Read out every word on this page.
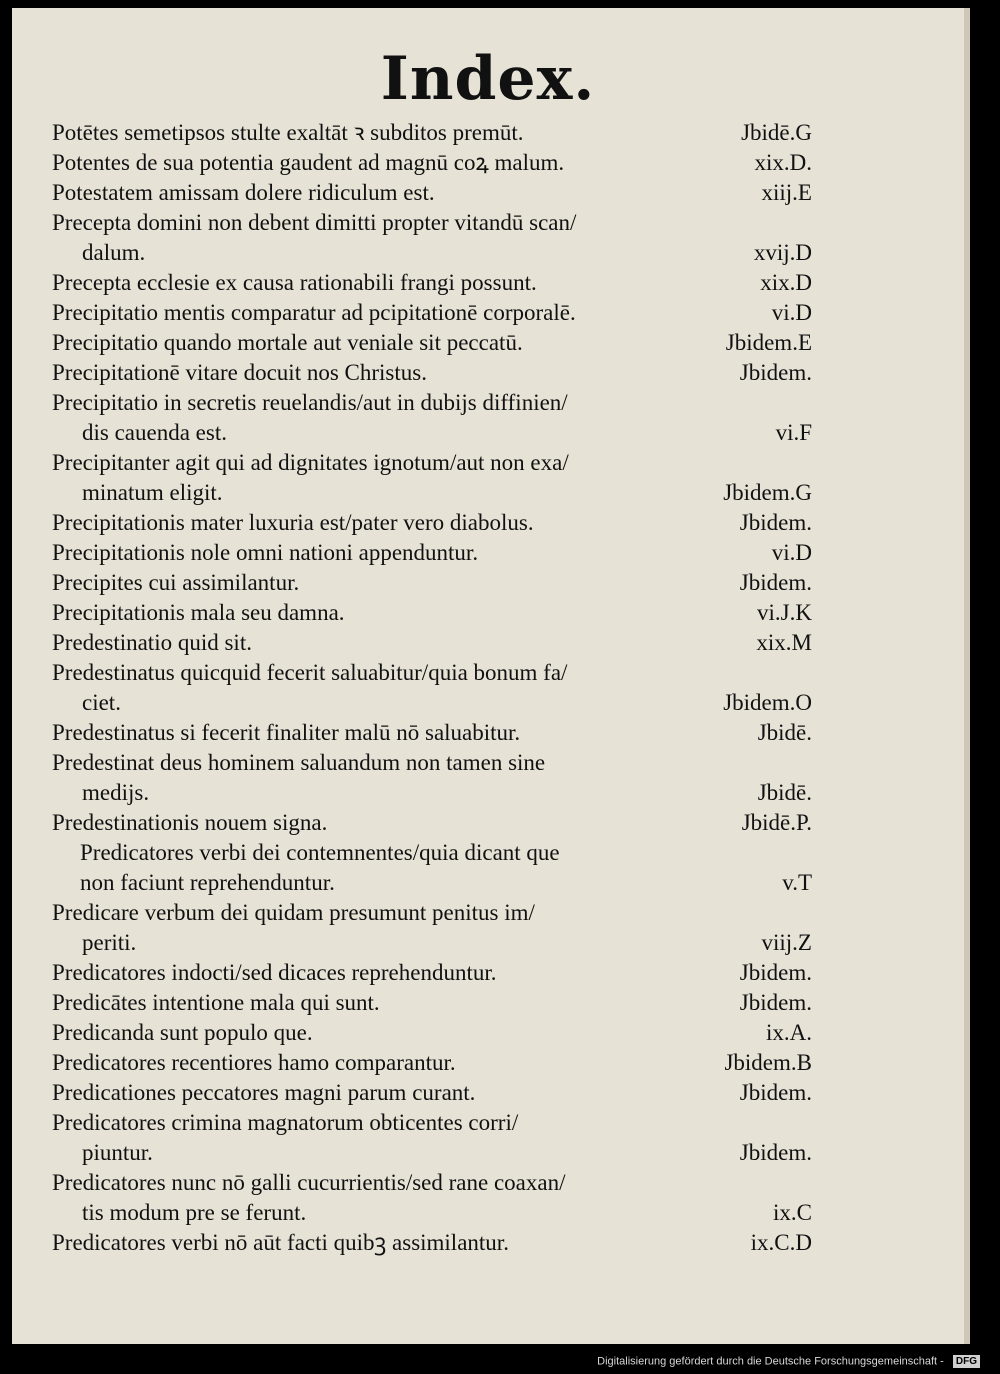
Index.
Potētes semetipsos stulte exaltāt ꝛ subditos premūt.	Jbidē.G
Potentes de sua potentia gaudent ad magnū coꝝ malum.	xix.D.
Potestatem amissam dolere ridiculum est.	xiij.E
Precepta domini non debent dimitti propter vitandū scan/
dalum.	xvij.D
Precepta ecclesie ex causa rationabili frangi possunt.	xix.D
Precipitatio mentis comparatur ad pcipitationē corporalē.	vi.D
Precipitatio quando mortale aut veniale sit peccatū.	Jbidem.E
Precipitationē vitare docuit nos Christus.	Jbidem.
Precipitatio in secretis reuelandis/aut in dubijs diffinien/
dis cauenda est.	vi.F
Precipitanter agit qui ad dignitates ignotum/aut non exa/
minatum eligit.	Jbidem.G
Precipitationis mater luxuria est/pater vero diabolus.	Jbidem.
Precipitationis nole omni nationi appenduntur.	vi.D
Precipites cui assimilantur.	Jbidem.
Precipitationis mala seu damna.	vi.J.K
Predestinatio quid sit.	xix.M
Predestinatus quicquid fecerit saluabitur/quia bonum fa/
ciet.	Jbidem.O
Predestinatus si fecerit finaliter malū nō saluabitur.	Jbidē.
Predestinat deus hominem saluandum non tamen sine
medijs.	Jbidē.
Predestinationis nouem signa.	Jbidē.P.
Predicatores verbi dei contemnentes/quia dicant que
non faciunt reprehenduntur.	v.T
Predicare verbum dei quidam presumunt penitus im/
periti.	viij.Z
Predicatores indocti/sed dicaces reprehenduntur.	Jbidem.
Predicātes intentione mala qui sunt.	Jbidem.
Predicanda sunt populo que.	ix.A.
Predicatores recentiores hamo comparantur.	Jbidem.B
Predicationes peccatores magni parum curant.	Jbidem.
Predicatores crimina magnatorum obticentes corri/
piuntur.	Jbidem.
Predicatores nunc nō galli cucurrientis/sed rane coaxan/
tis modum pre se ferunt.	ix.C
Predicatores verbi nō aūt facti quibꝫ assimilantur.	ix.C.D
Digitalisierung gefördert durch die Deutsche Forschungsgemeinschaft - DFG
